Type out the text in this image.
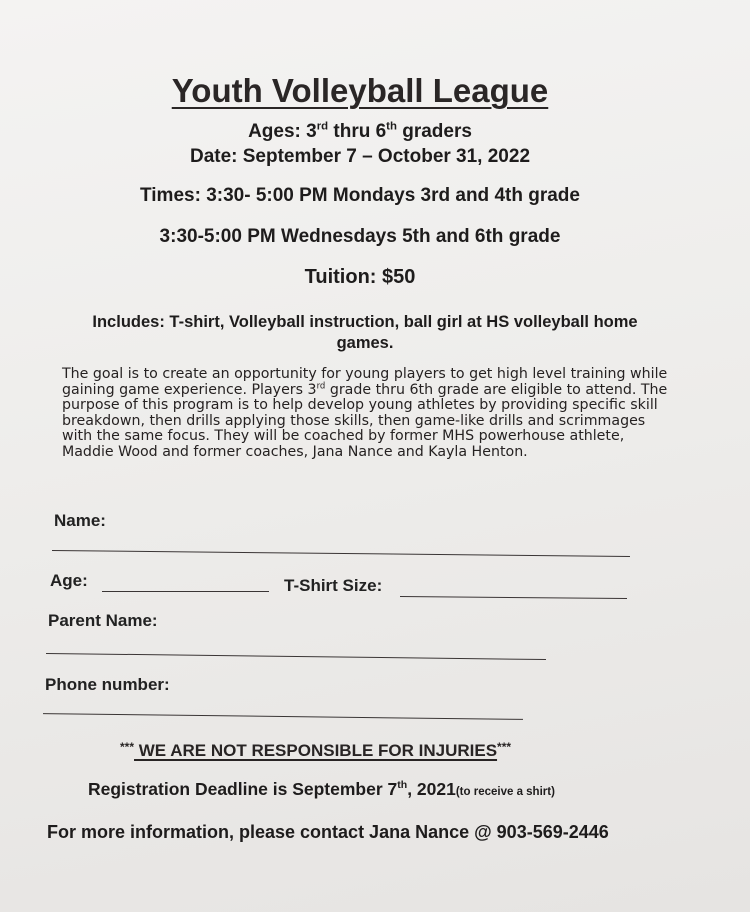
Youth Volleyball League
Ages: 3rd thru 6th graders
Date: September 7 – October 31, 2022
Times: 3:30- 5:00 PM Mondays 3rd and 4th grade
3:30-5:00 PM Wednesdays 5th and 6th grade
Tuition: $50
Includes: T-shirt, Volleyball instruction, ball girl at HS volleyball home games.
The goal is to create an opportunity for young players to get high level training while gaining game experience. Players 3rd grade thru 6th grade are eligible to attend. The purpose of this program is to help develop young athletes by providing specific skill breakdown, then drills applying those skills, then game-like drills and scrimmages with the same focus. They will be coached by former MHS powerhouse athlete, Maddie Wood and former coaches, Jana Nance and Kayla Henton.
Name:
Age:	T-Shirt Size:
Parent Name:
Phone number:
*** WE ARE NOT RESPONSIBLE FOR INJURIES***
Registration Deadline is September 7th, 2021(to receive a shirt)
For more information, please contact Jana Nance @ 903-569-2446
